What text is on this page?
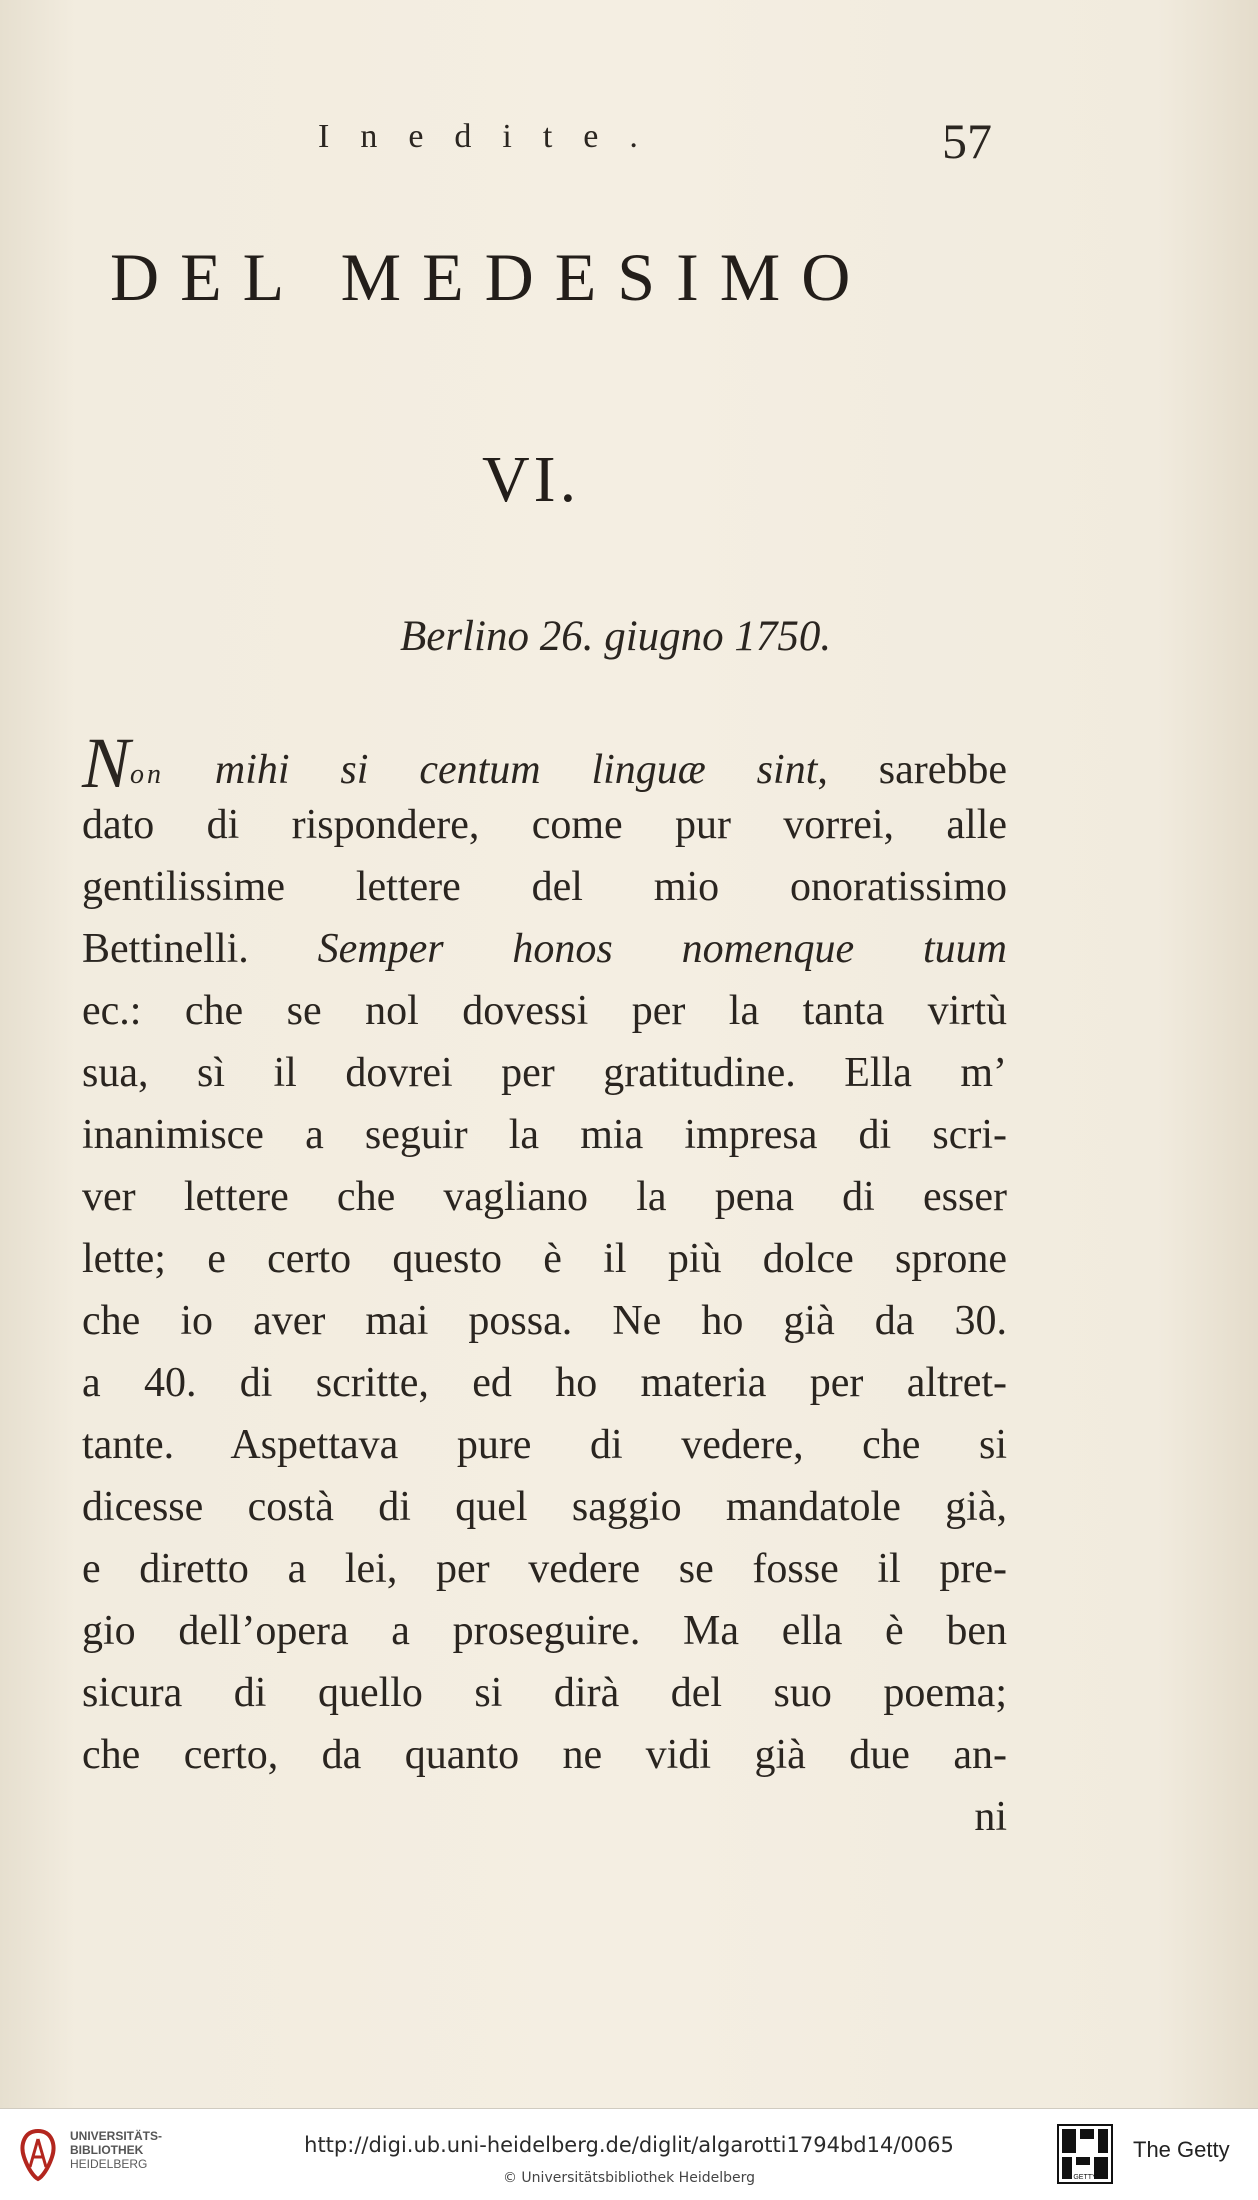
Inedite.	57
DEL MEDESIMO
VI.
Berlino 26. giugno 1750.
Non mihi si centum linguæ sint, sarebbe
dato di rispondere, come pur vorrei, alle
gentilissime lettere del mio onoratissimo
Bettinelli. Semper honos nomenque tuum
ec.: che se nol dovessi per la tanta virtù
sua, sì il dovrei per gratitudine. Ella m’
inanimisce a seguir la mia impresa di scri-
ver lettere che vagliano la pena di esser
lette; e certo questo è il più dolce sprone
che io aver mai possa. Ne ho già da 30.
a 40. di scritte, ed ho materia per altret-
tante. Aspettava pure di vedere, che si
dicesse costà di quel saggio mandatole già,
e diretto a lei, per vedere se fosse il pre-
gio dell’opera a proseguire. Ma ella è ben
sicura di quello si dirà del suo poema;
che certo, da quanto ne vidi già due an-
ni
UNIVERSITÄTS-
BIBLIOTHEK
HEIDELBERG
http://digi.ub.uni-heidelberg.de/diglit/algarotti1794bd14/0065
© Universitätsbibliothek Heidelberg	GETTY
The Getty
